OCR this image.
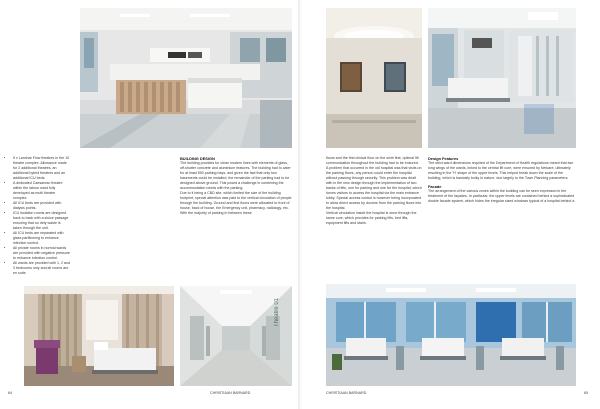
• 5 x Laminar Flow theatres in the 10 theatre complex. Allowance made for 2 additional theatres, an additional hybrid theatres and an additional ICU beds.
• A dedicated Caesarean theatre within the labour ward fully developed as multi theatre complex.
• All ICU beds are provided with dialysis points.
• ICU isolation rooms are designed back to back with a sluice passage ensuring that no dirty waste is taken through the unit.
• All ICU beds are separated with glass partitioning to enhance infection control.
• All private rooms in normal wards are provided with negative pressure to enhance infection control.
• All wards are provided with 1, 2 and 3 bedrooms only and all rooms are en suite.

BUILDING DESIGN

The building provides for clean modern lines with elements of glass, off-shutter concrete and aluminium features. The building had to cater for at least 590 parking bays, and given the fact that only two basements could be installed, the remainder of the parking had to be designed above ground. This posed a challenge in combining the accommodation needs with the parking.

Due to it being a CBD site, which limited the size of the building footprint, special attention was paid to the vertical circulation of people through the building. Ground and first floors were allocated to front of house, back of house, the Emergency unit, pharmacy, radiology, etc. With the majority of parking in between these

Theatre 01
64	CHRISTIAAN BARNARD

floors and the first clinical floor on the sixth first, optimal lift communication throughout the building had to be ensured.

A problem that occurred in the old hospital was that visits on the parking floors, any person could enter the hospital without passing through security. This problem was dealt with in the new design through the implementation of two banks of lifts, one for parking and one for the hospital, which forces visitors to access the hospital via the main entrance lobby. Special access control is however being incorporated to allow direct access by doctors from the parking floors into the hospital.

Vertical circulation inside the hospital is done through the same core, which provides for parking lifts, bed lifts, equipment lifts and stairs.

Design Features

The strict ward dimensions required of the Department of Health regulations meant that two long wings of the wards, linked to the central lift core, were ensured by Netcare, ultimately resulting in the 'H' shape of the upper levels. This helped break down the scale of the building, which is basically bulky in nature, due largely to the Town Planning parameters.

Facade

The arrangement of the various zones within the building can be seen expressed in the treatment of the façades. In particular, the upper levels are contained behind a sophisticated double facade system, which hides the irregular sized windows typical of a hospital behind a

CHRISTIAAN BARNARD	65
